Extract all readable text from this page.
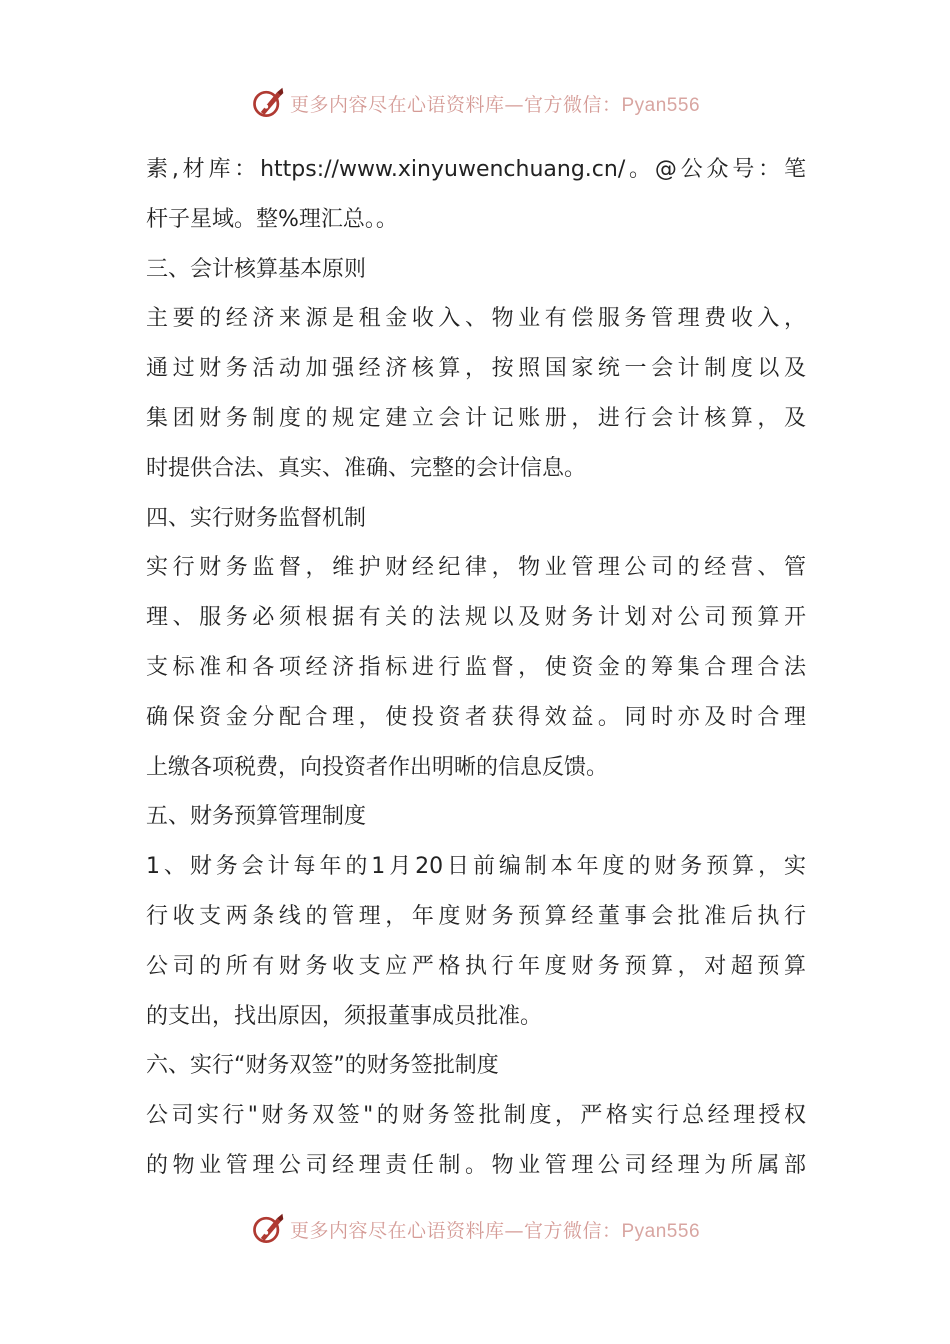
更多内容尽在心语资料库—官方微信：Pyan556
素,材库：https://www.xinyuwenchuang.cn/。@公众号：笔
杆子星域。整%理汇总。。
三、会计核算基本原则
主要的经济来源是租金收入、物业有偿服务管理费收入，
通过财务活动加强经济核算，按照国家统一会计制度以及
集团财务制度的规定建立会计记账册，进行会计核算，及
时提供合法、真实、准确、完整的会计信息。
四、实行财务监督机制
实行财务监督，维护财经纪律，物业管理公司的经营、管
理、服务必须根据有关的法规以及财务计划对公司预算开
支标准和各项经济指标进行监督，使资金的筹集合理合法
确保资金分配合理，使投资者获得效益。同时亦及时合理
上缴各项税费，向投资者作出明晰的信息反馈。
五、财务预算管理制度
1、财务会计每年的1月20日前编制本年度的财务预算，实
行收支两条线的管理，年度财务预算经董事会批准后执行
公司的所有财务收支应严格执行年度财务预算，对超预算
的支出，找出原因，须报董事成员批准。
六、实行“财务双签”的财务签批制度
公司实行"财务双签"的财务签批制度，严格实行总经理授权
的物业管理公司经理责任制。物业管理公司经理为所属部
更多内容尽在心语资料库—官方微信：Pyan556
